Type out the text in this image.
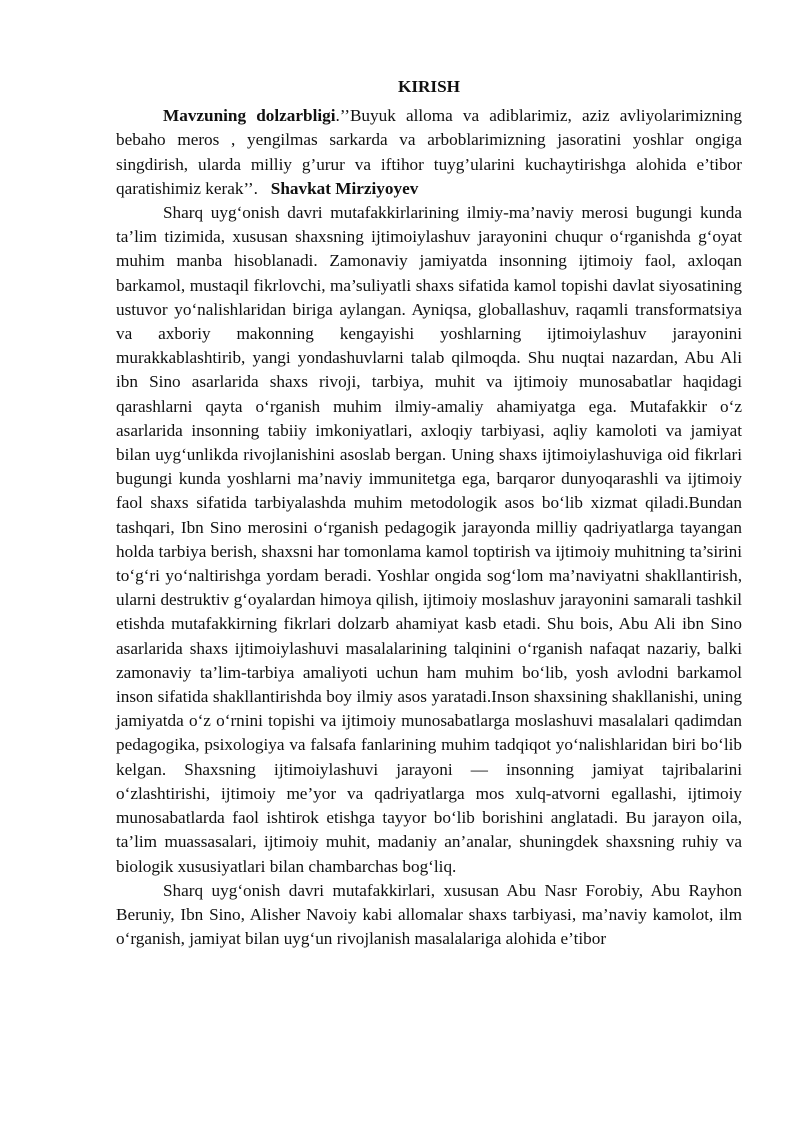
KIRISH

Mavzuning dolzarbligi.’’Buyuk alloma va adiblarimiz, aziz avliyolarimizning bebaho meros , yengilmas sarkarda va arboblarimizning jasoratini yoshlar ongiga singdirish, ularda milliy g’urur va iftihor tuyg’ularini kuchaytirishga alohida e’tibor qaratishimiz kerak’’. Shavkat Mirziyoyev

Sharq uyg‘onish davri mutafakkirlarining ilmiy-ma’naviy merosi bugungi kunda ta’lim tizimida, xususan shaxsning ijtimoiylashuv jarayonini chuqur o‘rganishda g‘oyat muhim manba hisoblanadi. Zamonaviy jamiyatda insonning ijtimoiy faol, axloqan barkamol, mustaqil fikrlovchi, ma’suliyatli shaxs sifatida kamol topishi davlat siyosatining ustuvor yo‘nalishlaridan biriga aylangan. Ayniqsa, globallashuv, raqamli transformatsiya va axboriy makonning kengayishi yoshlarning ijtimoiylashuv jarayonini murakkablashtirib, yangi yondashuvlarni talab qilmoqda. Shu nuqtai nazardan, Abu Ali ibn Sino asarlarida shaxs rivoji, tarbiya, muhit va ijtimoiy munosabatlar haqidagi qarashlarni qayta o‘rganish muhim ilmiy-amaliy ahamiyatga ega. Mutafakkir o‘z asarlarida insonning tabiiy imkoniyatlari, axloqiy tarbiyasi, aqliy kamoloti va jamiyat bilan uyg‘unlikda rivojlanishini asoslab bergan. Uning shaxs ijtimoiylashuviga oid fikrlari bugungi kunda yoshlarni ma’naviy immunitetga ega, barqaror dunyoqarashli va ijtimoiy faol shaxs sifatida tarbiyalashda muhim metodologik asos bo‘lib xizmat qiladi.Bundan tashqari, Ibn Sino merosini o‘rganish pedagogik jarayonda milliy qadriyatlarga tayangan holda tarbiya berish, shaxsni har tomonlama kamol toptirish va ijtimoiy muhitning ta’sirini to‘g‘ri yo‘naltirishga yordam beradi. Yoshlar ongida sog‘lom ma’naviyatni shakllantirish, ularni destruktiv g‘oyalardan himoya qilish, ijtimoiy moslashuv jarayonini samarali tashkil etishda mutafakkirning fikrlari dolzarb ahamiyat kasb etadi. Shu bois, Abu Ali ibn Sino asarlarida shaxs ijtimoiylashuvi masalalarining talqinini o‘rganish nafaqat nazariy, balki zamonaviy ta’lim-tarbiya amaliyoti uchun ham muhim bo‘lib, yosh avlodni barkamol inson sifatida shakllantirishda boy ilmiy asos yaratadi.Inson shaxsining shakllanishi, uning jamiyatda o‘z o‘rnini topishi va ijtimoiy munosabatlarga moslashuvi masalalari qadimdan pedagogika, psixologiya va falsafa fanlarining muhim tadqiqot yo‘nalishlaridan biri bo‘lib kelgan. Shaxsning ijtimoiylashuvi jarayoni — insonning jamiyat tajribalarini o‘zlashtirishi, ijtimoiy me’yor va qadriyatlarga mos xulq-atvorni egallashi, ijtimoiy munosabatlarda faol ishtirok etishga tayyor bo‘lib borishini anglatadi. Bu jarayon oila, ta’lim muassasalari, ijtimoiy muhit, madaniy an’analar, shuningdek shaxsning ruhiy va biologik xususiyatlari bilan chambarchas bog‘liq.

Sharq uyg‘onish davri mutafakkirlari, xususan Abu Nasr Forobiy, Abu Rayhon Beruniy, Ibn Sino, Alisher Navoiy kabi allomalar shaxs tarbiyasi, ma’naviy kamolot, ilm o‘rganish, jamiyat bilan uyg‘un rivojlanish masalalariga alohida e’tibor
